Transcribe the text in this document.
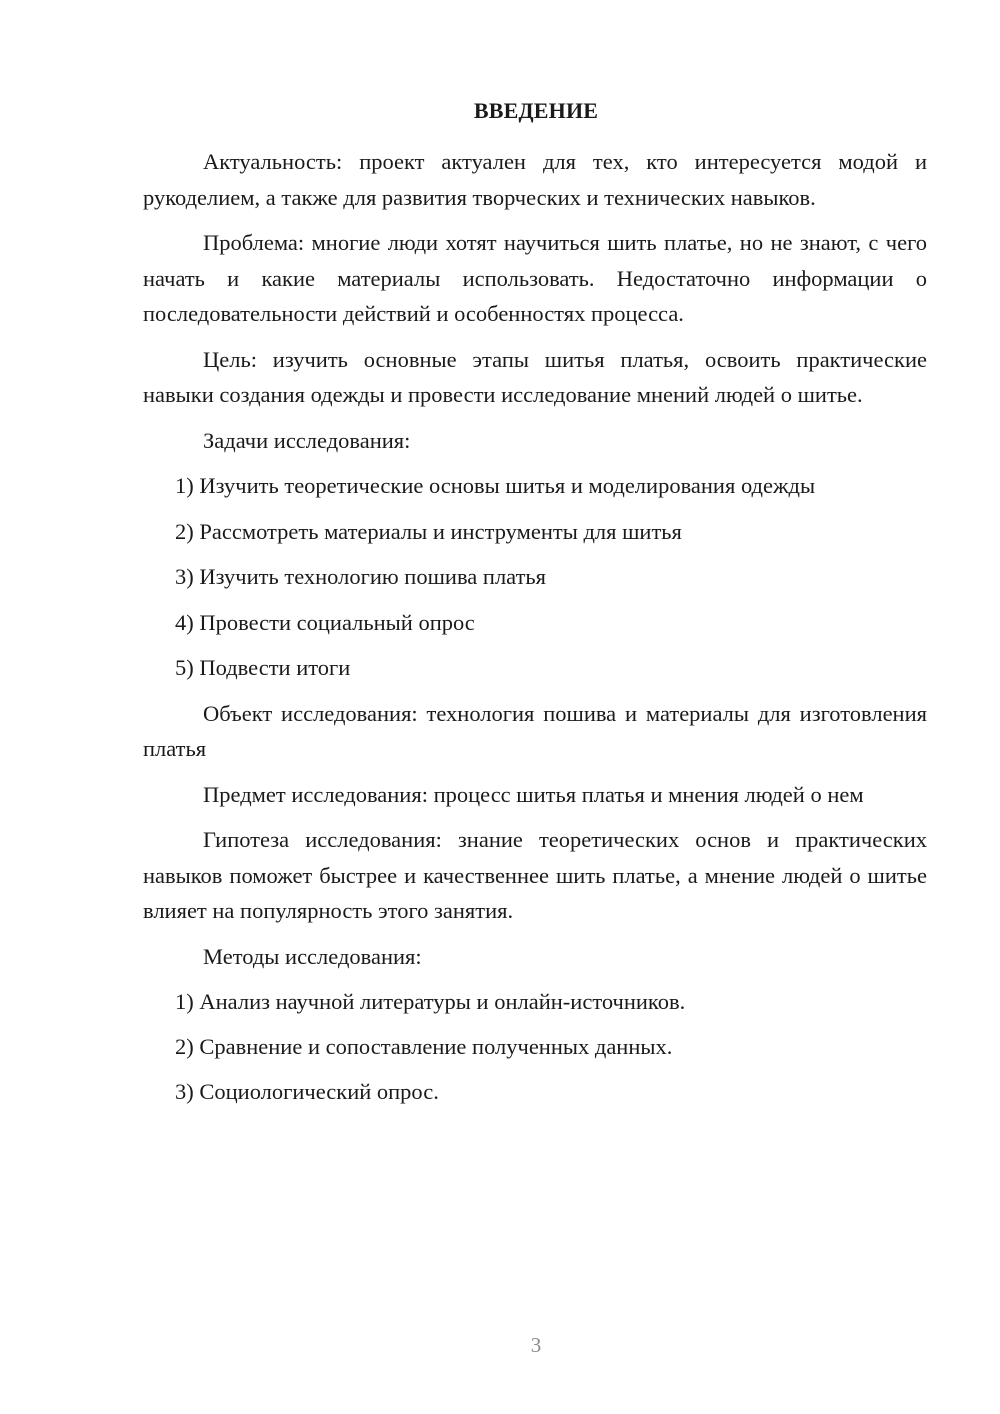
ВВЕДЕНИЕ

Актуальность: проект актуален для тех, кто интересуется модой и рукоделием, а также для развития творческих и технических навыков.

Проблема: многие люди хотят научиться шить платье, но не знают, с чего начать и какие материалы использовать. Недостаточно информации о последовательности действий и особенностях процесса.

Цель: изучить основные этапы шитья платья, освоить практические навыки создания одежды и провести исследование мнений людей о шитье.

Задачи исследования:

1) Изучить теоретические основы шитья и моделирования одежды
2) Рассмотреть материалы и инструменты для шитья
3) Изучить технологию пошива платья
4) Провести социальный опрос
5) Подвести итоги

Объект исследования: технология пошива и материалы для изготовления платья

Предмет исследования: процесс шитья платья и мнения людей о нем

Гипотеза исследования: знание теоретических основ и практических навыков поможет быстрее и качественнее шить платье, а мнение людей о шитье влияет на популярность этого занятия.

Методы исследования:

1) Анализ научной литературы и онлайн-источников.
2) Сравнение и сопоставление полученных данных.
3) Социологический опрос.
3
